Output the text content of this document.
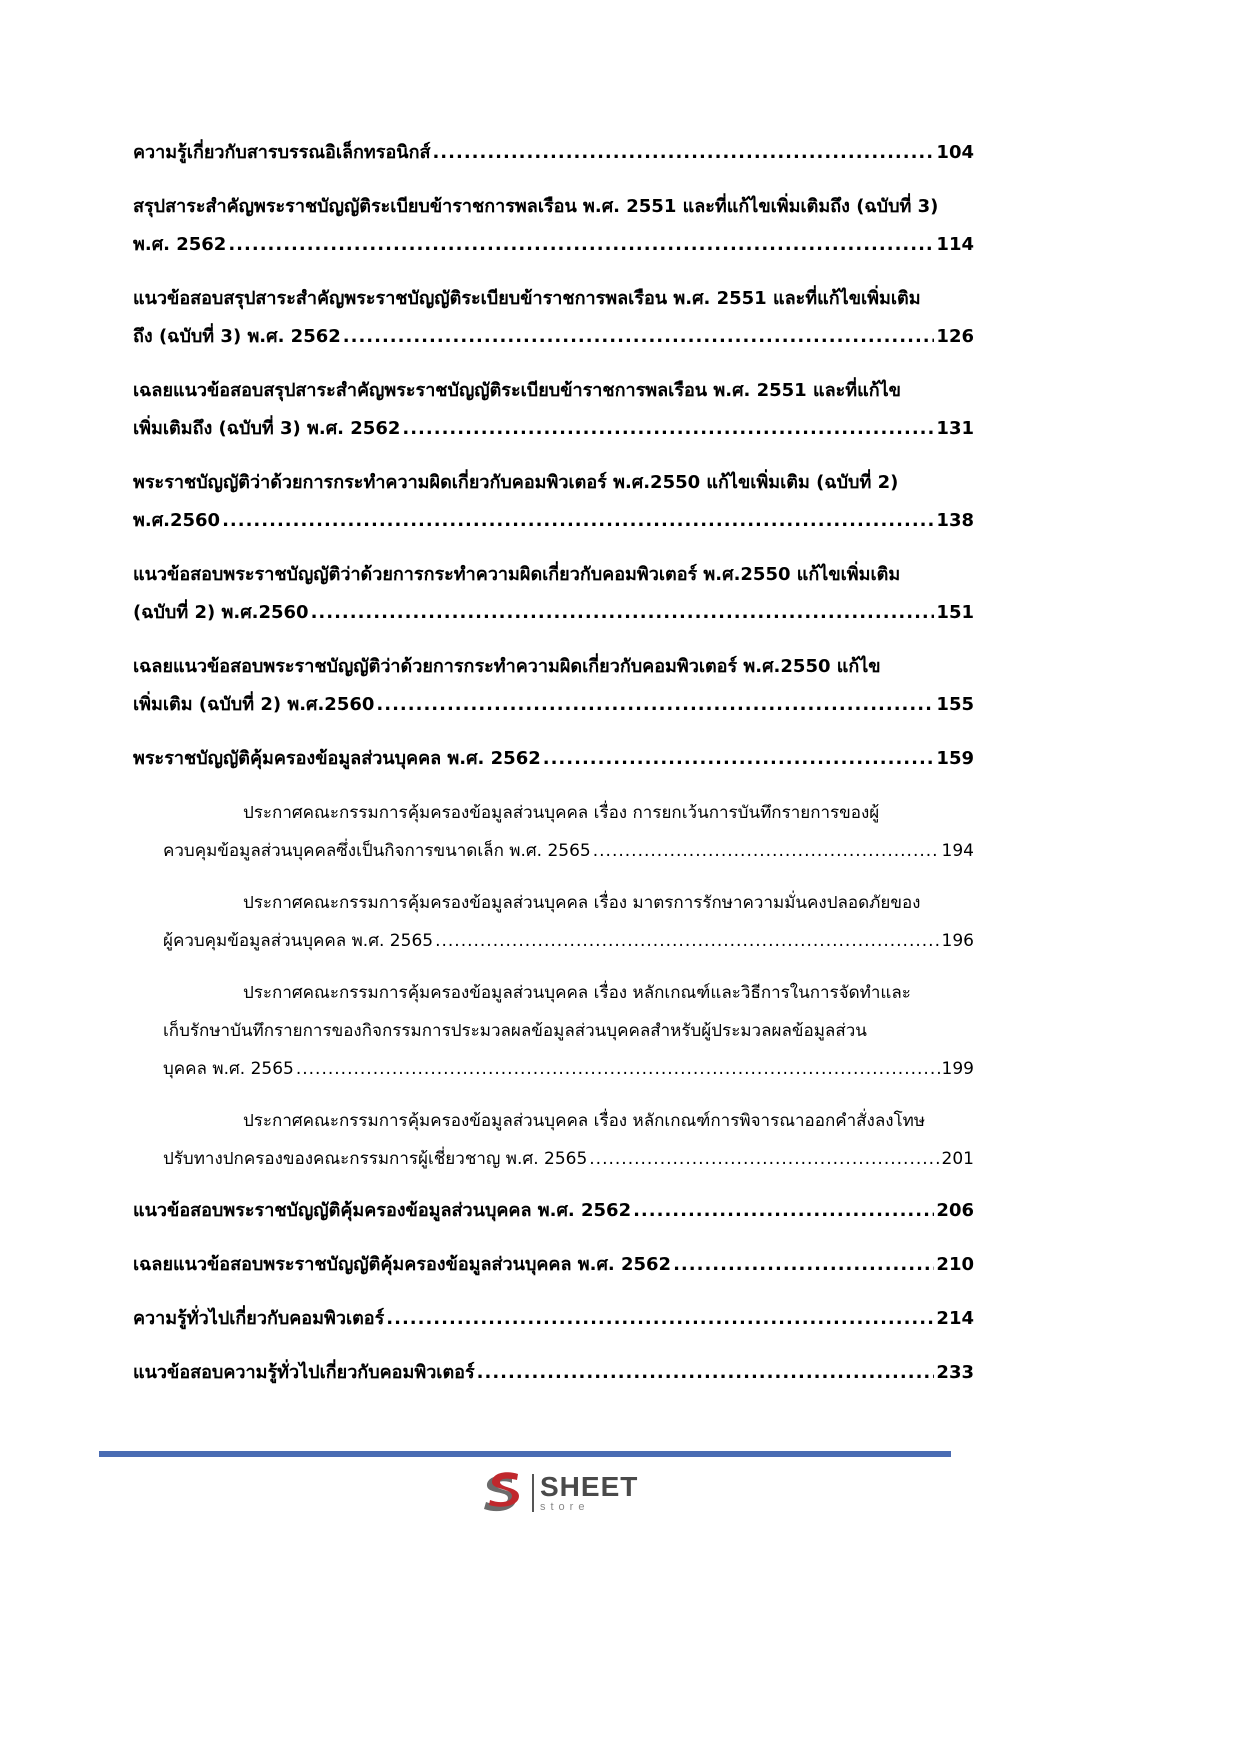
ความรู้เกี่ยวกับสารบรรณอิเล็กทรอนิกส์ .....	104
สรุปสาระสำคัญพระราชบัญญัติระเบียบข้าราชการพลเรือน พ.ศ. 2551 และที่แก้ไขเพิ่มเติมถึง (ฉบับที่ 3)
พ.ศ. 2562 .....	114
แนวข้อสอบสรุปสาระสำคัญพระราชบัญญัติระเบียบข้าราชการพลเรือน พ.ศ. 2551 และที่แก้ไขเพิ่มเติม
ถึง (ฉบับที่ 3) พ.ศ. 2562 .....	126
เฉลยแนวข้อสอบสรุปสาระสำคัญพระราชบัญญัติระเบียบข้าราชการพลเรือน พ.ศ. 2551 และที่แก้ไข
เพิ่มเติมถึง (ฉบับที่ 3) พ.ศ. 2562 .....	131
พระราชบัญญัติว่าด้วยการกระทำความผิดเกี่ยวกับคอมพิวเตอร์ พ.ศ.2550 แก้ไขเพิ่มเติม (ฉบับที่ 2)
พ.ศ.2560 .....	138
แนวข้อสอบพระราชบัญญัติว่าด้วยการกระทำความผิดเกี่ยวกับคอมพิวเตอร์ พ.ศ.2550 แก้ไขเพิ่มเติม
(ฉบับที่ 2) พ.ศ.2560 .....	151
เฉลยแนวข้อสอบพระราชบัญญัติว่าด้วยการกระทำความผิดเกี่ยวกับคอมพิวเตอร์ พ.ศ.2550 แก้ไข
เพิ่มเติม (ฉบับที่ 2) พ.ศ.2560 .....	155
พระราชบัญญัติคุ้มครองข้อมูลส่วนบุคคล พ.ศ. 2562 .....	159
ประกาศคณะกรรมการคุ้มครองข้อมูลส่วนบุคคล เรื่อง การยกเว้นการบันทึกรายการของผู้
ควบคุมข้อมูลส่วนบุคคลซึ่งเป็นกิจการขนาดเล็ก พ.ศ. 2565 .....	194
ประกาศคณะกรรมการคุ้มครองข้อมูลส่วนบุคคล เรื่อง มาตรการรักษาความมั่นคงปลอดภัยของ
ผู้ควบคุมข้อมูลส่วนบุคคล พ.ศ. 2565 .....	196
ประกาศคณะกรรมการคุ้มครองข้อมูลส่วนบุคคล เรื่อง หลักเกณฑ์และวิธีการในการจัดทำและ
เก็บรักษาบันทึกรายการของกิจกรรมการประมวลผลข้อมูลส่วนบุคคลสำหรับผู้ประมวลผลข้อมูลส่วน
บุคคล พ.ศ. 2565 .....	199
ประกาศคณะกรรมการคุ้มครองข้อมูลส่วนบุคคล เรื่อง หลักเกณฑ์การพิจารณาออกคำสั่งลงโทษ
ปรับทางปกครองของคณะกรรมการผู้เชี่ยวชาญ พ.ศ. 2565 .....	201
แนวข้อสอบพระราชบัญญัติคุ้มครองข้อมูลส่วนบุคคล พ.ศ. 2562 .....	206
เฉลยแนวข้อสอบพระราชบัญญัติคุ้มครองข้อมูลส่วนบุคคล พ.ศ. 2562 .....	210
ความรู้ทั่วไปเกี่ยวกับคอมพิวเตอร์ .....	214
แนวข้อสอบความรู้ทั่วไปเกี่ยวกับคอมพิวเตอร์ .....	233
SHEET
store
